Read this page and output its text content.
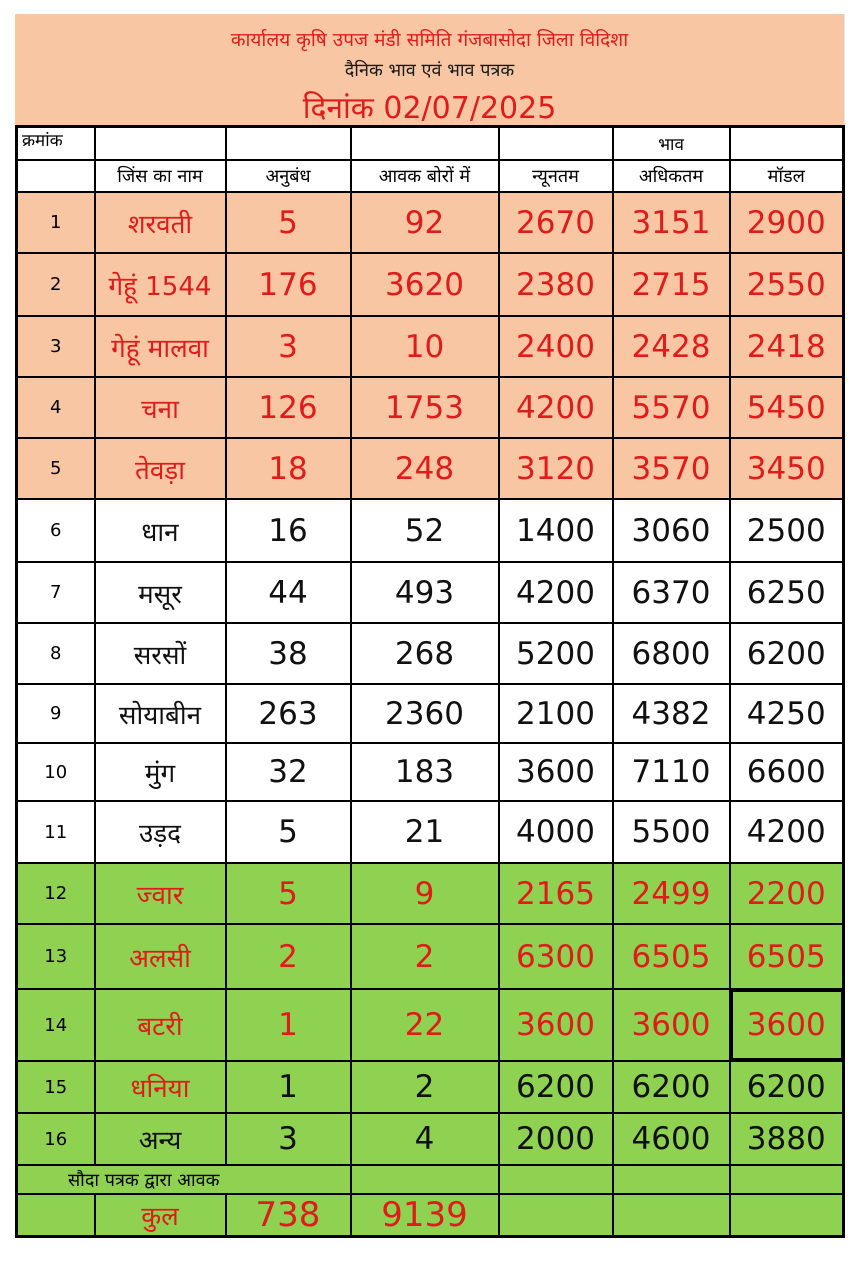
कार्यालय कृषि उपज मंडी समिति गंजबासोदा जिला विदिशा
दैनिक भाव एवं भाव पत्रक
दिनांक 02/07/2025
क्रमांक					भाव	
	जिंस का नाम	अनुबंध	आवक बोरों में	न्यूनतम	अधिकतम	मॉडल
1	शरवती	5	92	2670	3151	2900
2	गेहूं 1544	176	3620	2380	2715	2550
3	गेहूं मालवा	3	10	2400	2428	2418
4	चना	126	1753	4200	5570	5450
5	तेवड़ा	18	248	3120	3570	3450
6	धान	16	52	1400	3060	2500
7	मसूर	44	493	4200	6370	6250
8	सरसों	38	268	5200	6800	6200
9	सोयाबीन	263	2360	2100	4382	4250
10	मुंग	32	183	3600	7110	6600
11	उड़द	5	21	4000	5500	4200
12	ज्वार	5	9	2165	2499	2200
13	अलसी	2	2	6300	6505	6505
14	बटरी	1	22	3600	3600	3600
15	धनिया	1	2	6200	6200	6200
16	अन्य	3	4	2000	4600	3880
सौदा पत्रक द्वारा आवक						
	कुल	738	9139			
